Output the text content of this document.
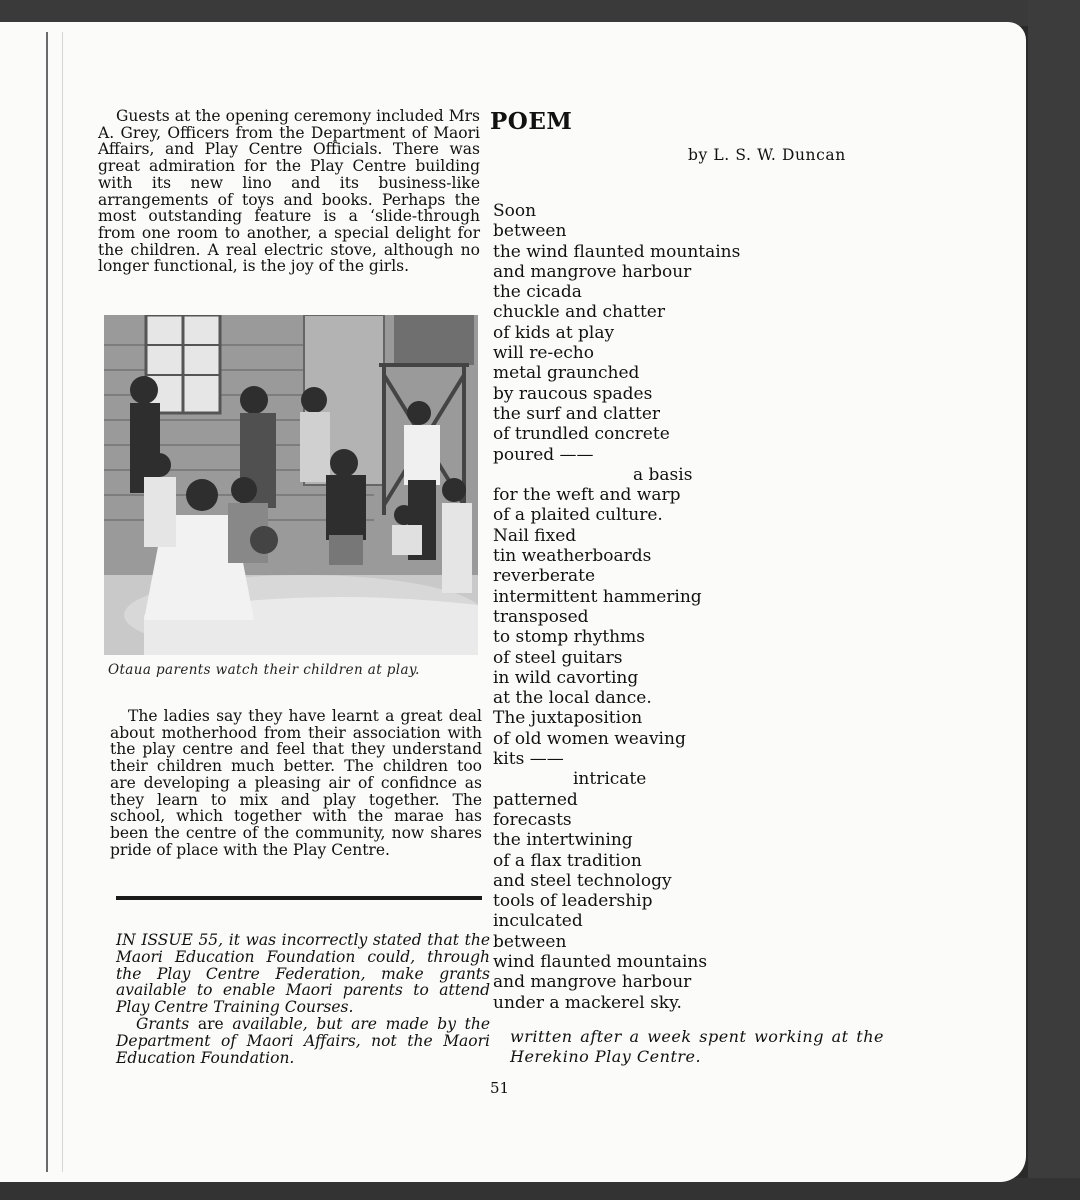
Guests at the opening ceremony included Mrs A. Grey, Officers from the Department of Maori Affairs, and Play Centre Officials. There was great admiration for the Play Centre building with its new lino and its business-like arrangements of toys and books. Perhaps the most outstanding feature is a ‘slide-through from one room to another, a special delight for the children. A real electric stove, although no longer functional, is the joy of the girls.

Otaua parents watch their children at play.

The ladies say they have learnt a great deal about motherhood from their association with the play centre and feel that they understand their children much better. The children too are developing a pleasing air of confidnce as they learn to mix and play together. The school, which together with the marae has been the centre of the community, now shares pride of place with the Play Centre.

IN ISSUE 55, it was incorrectly stated that the Maori Education Foundation could, through the Play Centre Federation, make grants available to enable Maori parents to attend Play Centre Training Courses.

Grants are available, but are made by the Department of Maori Affairs, not the Maori Education Foundation.

POEM
by L. S. W. Duncan
Soon
between
the wind flaunted mountains
and mangrove harbour
the cicada
chuckle and chatter
of kids at play
will re-echo
metal graunched
by raucous spades
the surf and clatter
of trundled concrete
poured ——
a basis
for the weft and warp
of a plaited culture.
Nail fixed
tin weatherboards
reverberate
intermittent hammering
transposed
to stomp rhythms
of steel guitars
in wild cavorting
at the local dance.
The juxtaposition
of old women weaving
kits ——
intricate
patterned
forecasts
the intertwining
of a flax tradition
and steel technology
tools of leadership
inculcated
between
wind flaunted mountains
and mangrove harbour
under a mackerel sky.
written after a week spent working at the Herekino Play Centre.
51
